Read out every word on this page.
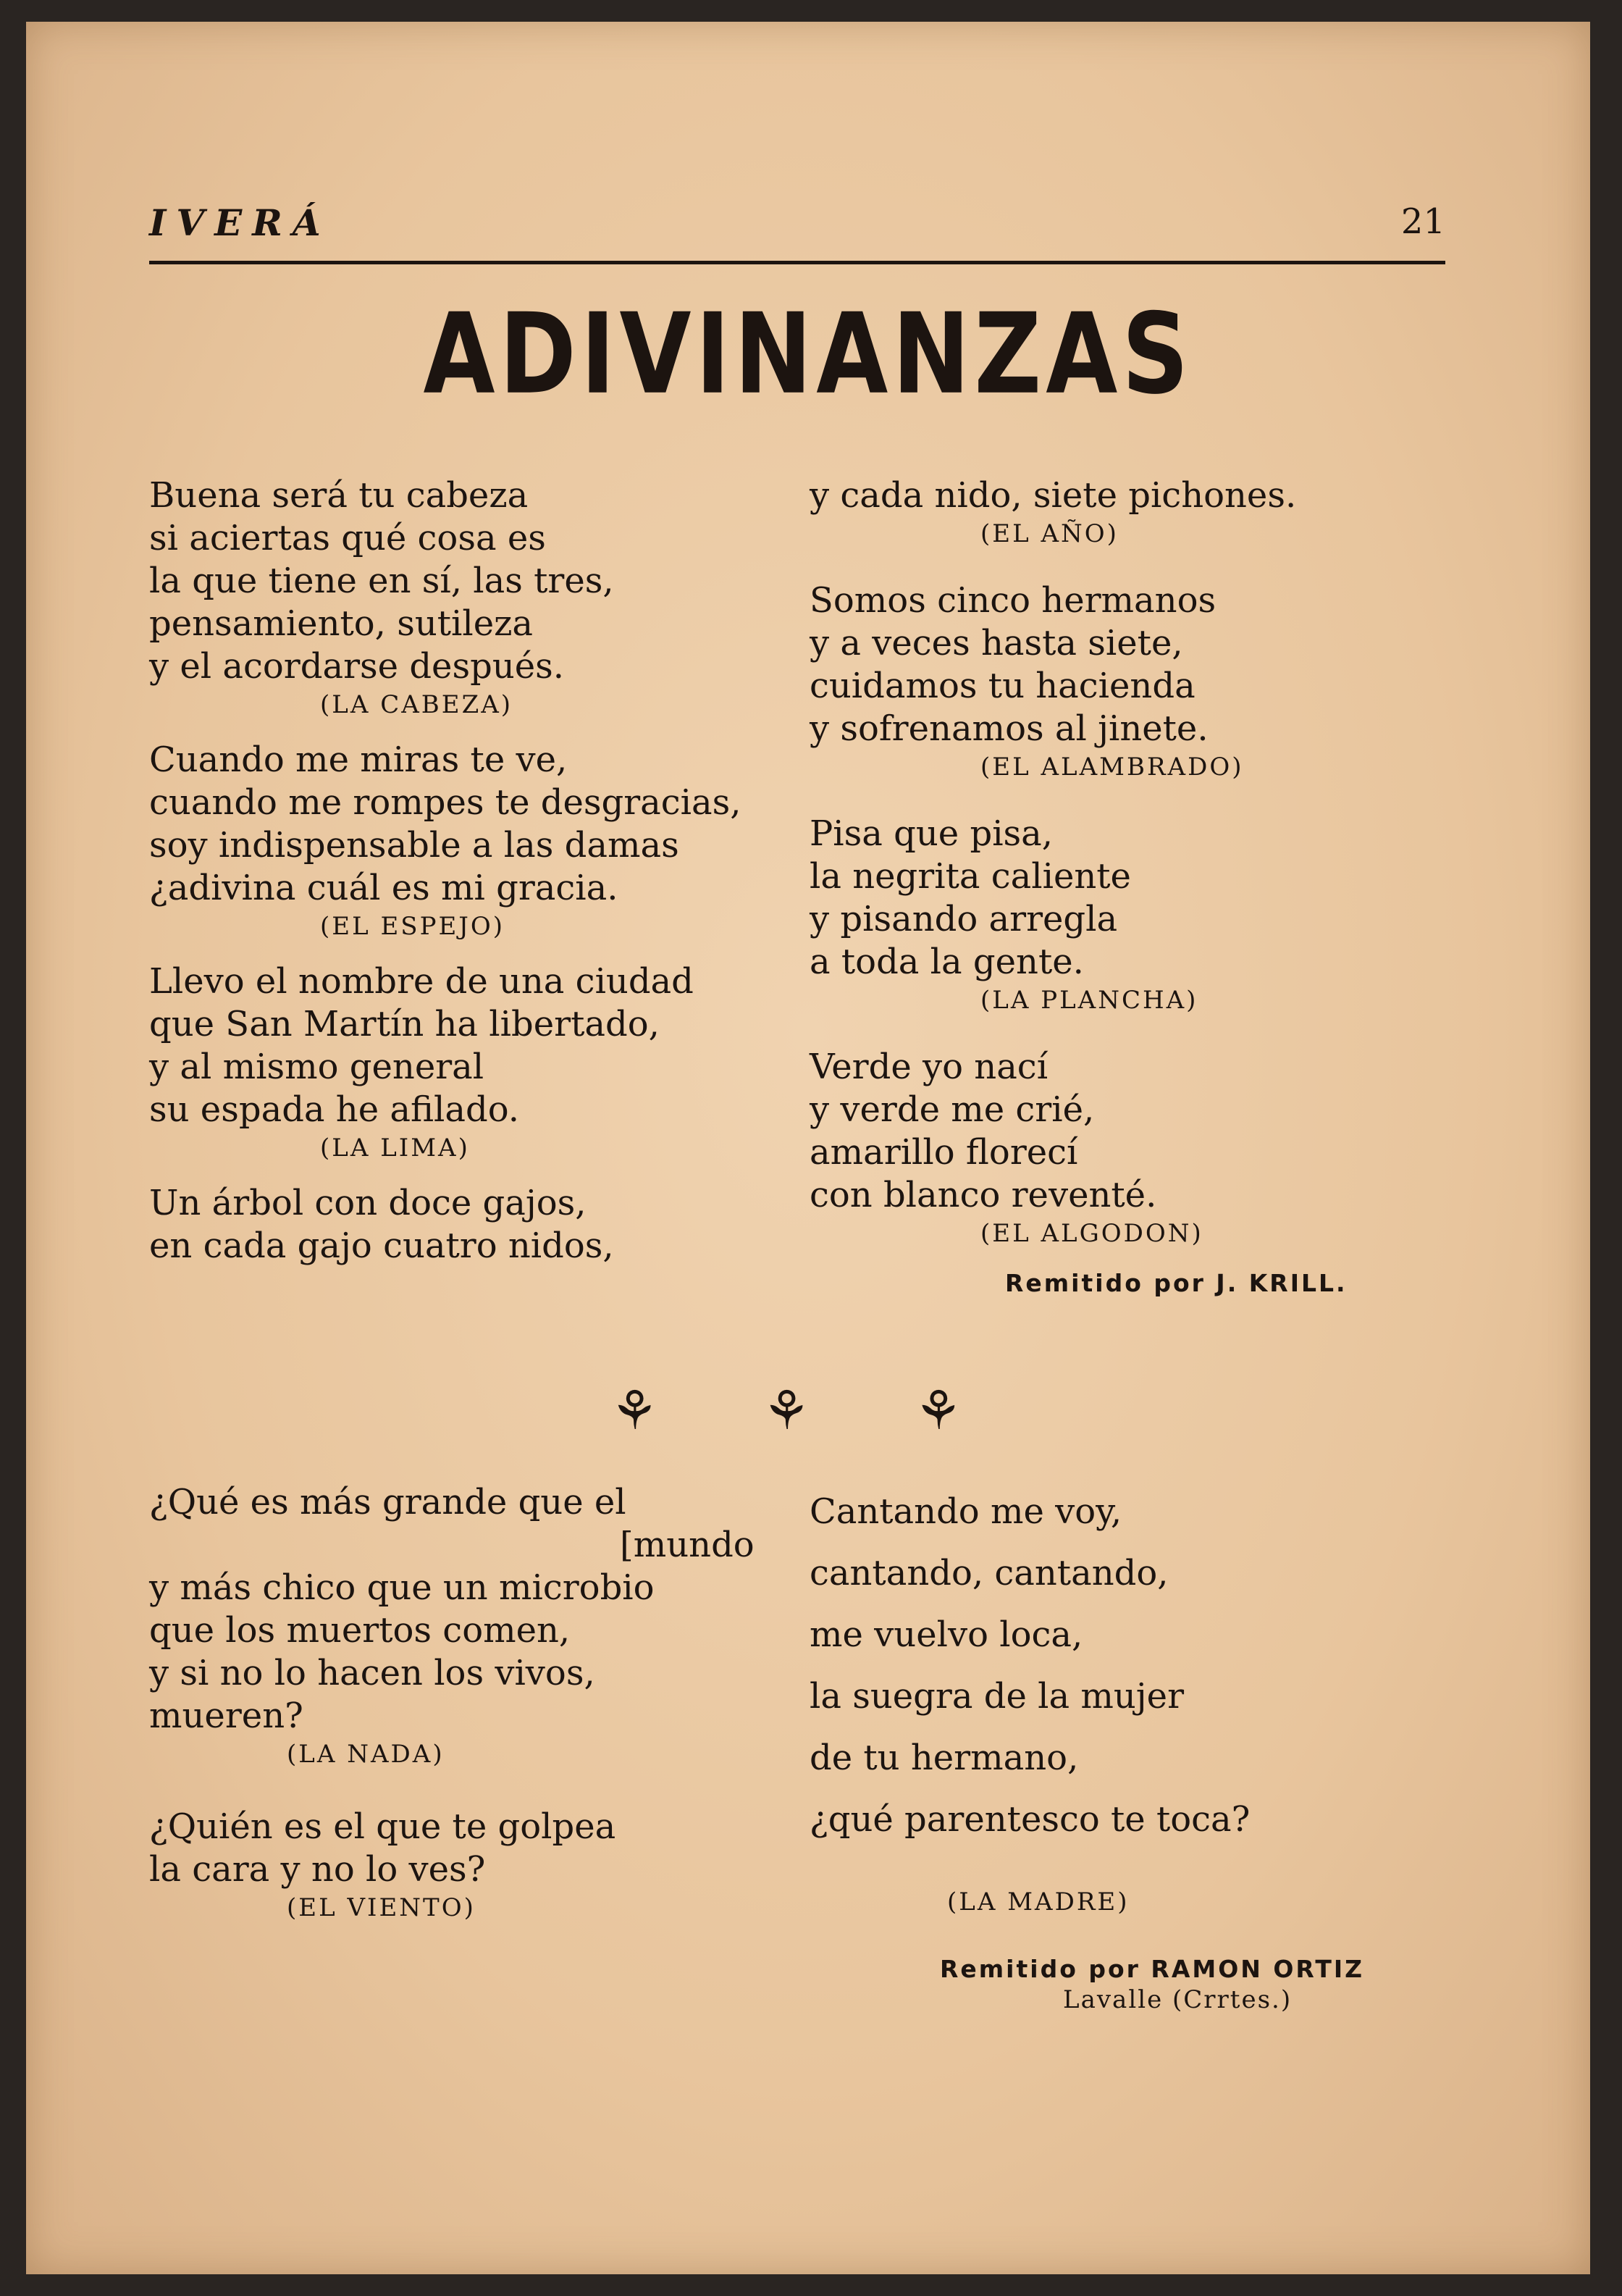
IVERÁ	21
ADIVINANZAS

Buena será tu cabeza

si aciertas qué cosa es

la que tiene en sí, las tres,

pensamiento, sutileza

y el acordarse después.

(LA CABEZA)

Cuando me miras te ve,

cuando me rompes te desgracias,

soy indispensable a las damas

¿adivina cuál es mi gracia.

(EL ESPEJO)

Llevo el nombre de una ciudad

que San Martín ha libertado,

y al mismo general

su espada he afilado.

(LA LIMA)

Un árbol con doce gajos,

en cada gajo cuatro nidos,

y cada nido, siete pichones.

(EL AÑO)

Somos cinco hermanos

y a veces hasta siete,

cuidamos tu hacienda

y sofrenamos al jinete.

(EL ALAMBRADO)

Pisa que pisa,

la negrita caliente

y pisando arregla

a toda la gente.

(LA PLANCHA)

Verde yo nací

y verde me crié,

amarillo florecí

con blanco reventé.

(EL ALGODON)

Remitido por J. KRILL.

⚘ ⚘ ⚘

¿Qué es más grande que el

[mundo

y más chico que un microbio

que los muertos comen,

y si no lo hacen los vivos,

mueren?

(LA NADA)

¿Quién es el que te golpea

la cara y no lo ves?

(EL VIENTO)

Cantando me voy,

cantando, cantando,

me vuelvo loca,

la suegra de la mujer

de tu hermano,

¿qué parentesco te toca?

(LA MADRE)

Remitido por RAMON ORTIZ

Lavalle (Crrtes.)
